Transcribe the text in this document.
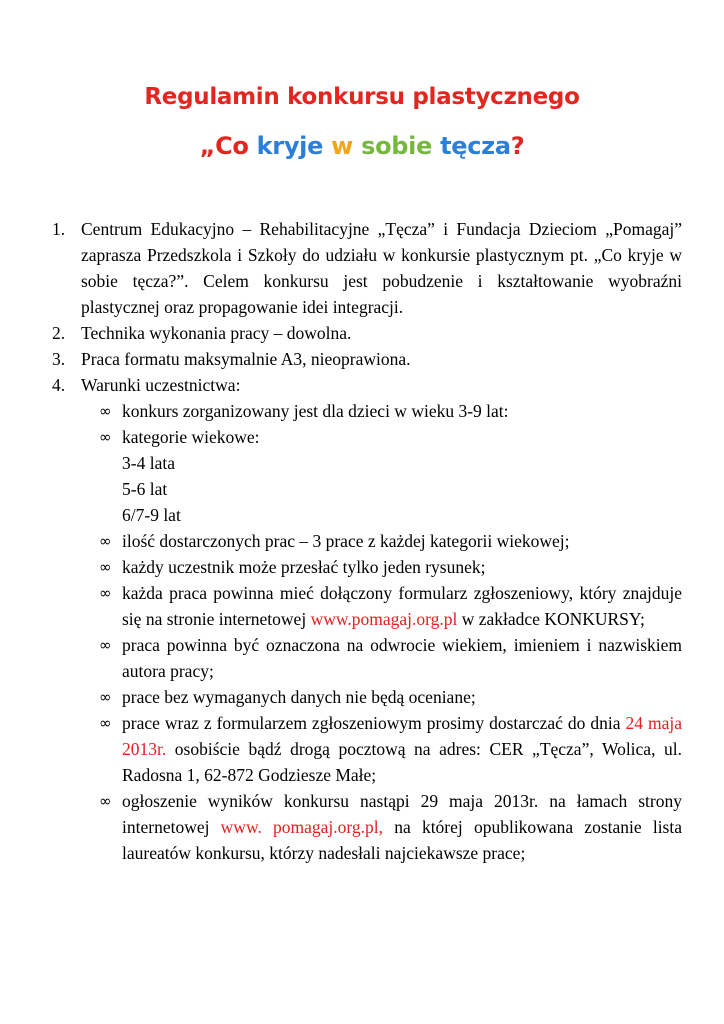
Regulamin konkursu plastycznego
„Co kryje w sobie tęcza?
1. Centrum Edukacyjno – Rehabilitacyjne „Tęcza” i Fundacja Dzieciom „Pomagaj” zaprasza Przedszkola i Szkoły do udziału w konkursie plastycznym pt. „Co kryje w sobie tęcza?”. Celem konkursu jest pobudzenie i kształtowanie wyobraźni plastycznej oraz propagowanie idei integracji.
2. Technika wykonania pracy – dowolna.
3. Praca formatu maksymalnie A3, nieoprawiona.
4. Warunki uczestnictwa:
∞ konkurs zorganizowany jest dla dzieci w wieku 3-9 lat:
∞ kategorie wiekowe:
3-4 lata
5-6 lat
6/7-9 lat
∞ ilość dostarczonych prac – 3 prace z każdej kategorii wiekowej;
∞ każdy uczestnik może przesłać tylko jeden rysunek;
∞ każda praca powinna mieć dołączony formularz zgłoszeniowy, który znajduje się na stronie internetowej www.pomagaj.org.pl w zakładce KONKURSY;
∞ praca powinna być oznaczona na odwrocie wiekiem, imieniem i nazwiskiem autora pracy;
∞ prace bez wymaganych danych nie będą oceniane;
∞ prace wraz z formularzem zgłoszeniowym prosimy dostarczać do dnia 24 maja 2013r. osobiście bądź drogą pocztową na adres: CER „Tęcza”, Wolica, ul. Radosna 1, 62-872 Godziesze Małe;
∞ ogłoszenie wyników konkursu nastąpi 29 maja 2013r. na łamach strony internetowej www. pomagaj.org.pl, na której opublikowana zostanie lista laureatów konkursu, którzy nadesłali najciekawsze prace;
